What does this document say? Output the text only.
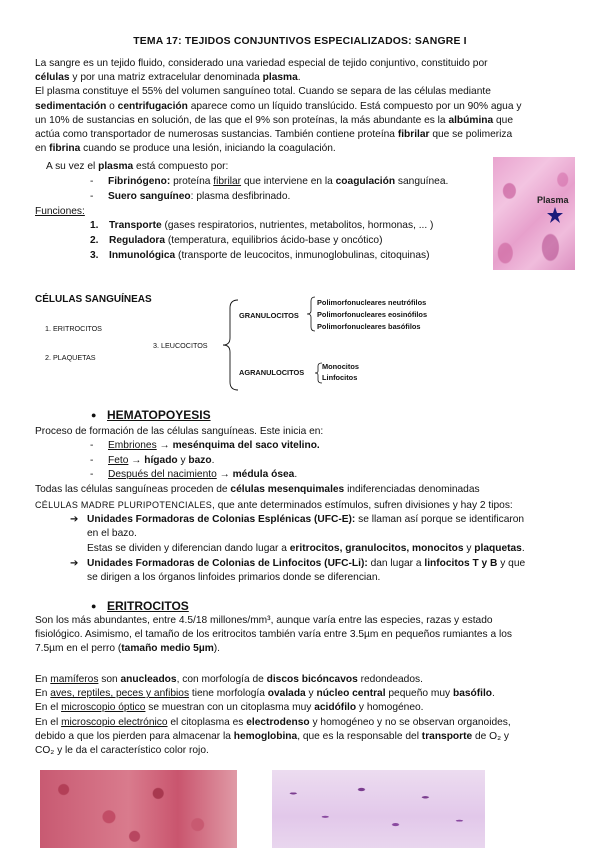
TEMA 17: TEJIDOS CONJUNTIVOS ESPECIALIZADOS: SANGRE I
La sangre es un tejido fluido, considerado una variedad especial de tejido conjuntivo, constituido por
células y por una matriz extracelular denominada plasma.
El plasma constituye el 55% del volumen sanguíneo total. Cuando se separa de las células mediante
sedimentación o centrifugación aparece como un líquido translúcido. Está compuesto por un 90% agua y
un 10% de sustancias en solución, de las que el 9% son proteínas, la más abundante es la albúmina que
actúa como transportador de numerosas sustancias. También contiene proteína fibrilar que se polimeriza
en fibrina cuando se produce una lesión, iniciando la coagulación.
A su vez el plasma está compuesto por:
- Fibrinógeno: proteína fibrilar que interviene en la coagulación sanguínea.
- Suero sanguíneo: plasma desfibrinado.
Funciones:
1. Transporte (gases respiratorios, nutrientes, metabolitos, hormonas, ... )
2. Reguladora (temperatura, equilibrios ácido-base y oncótico)
3. Inmunológica (transporte de leucocitos, inmunoglobulinas, citoquinas)
Plasma
CÉLULAS SANGUÍNEAS
1. ERITROCITOS
2. PLAQUETAS
3. LEUCOCITOS
GRANULOCITOS
Polimorfonucleares neutrófilos
Polimorfonucleares eosinófilos
Polimorfonucleares basófilos
AGRANULOCITOS
Monocitos
Linfocitos
● HEMATOPOYESIS
Proceso de formación de las células sanguíneas. Este inicia en:
- Embriones → mesénquima del saco vitelino.
- Feto → hígado y bazo.
- Después del nacimiento → médula ósea.
Todas las células sanguíneas proceden de células mesenquimales indiferenciadas denominadas
CÉLULAS MADRE PLURIPOTENCIALES, que ante determinados estímulos, sufren divisiones y hay 2 tipos:
➔ Unidades Formadoras de Colonias Esplénicas (UFC-E): se llaman así porque se identificaron
en el bazo.
Estas se dividen y diferencian dando lugar a eritrocitos, granulocitos, monocitos y plaquetas.
➔ Unidades Formadoras de Colonias de Linfocitos (UFC-Li): dan lugar a linfocitos T y B y que
se dirigen a los órganos linfoides primarios donde se diferencian.
● ERITROCITOS
Son los más abundantes, entre 4.5/18 millones/mm³, aunque varía entre las especies, razas y estado
fisiológico. Asimismo, el tamaño de los eritrocitos también varía entre 3.5µm en pequeños rumiantes a los
7.5µm en el perro (tamaño medio 5µm).
En mamíferos son anucleados, con morfología de discos bicóncavos redondeados.
En aves, reptiles, peces y anfibios tiene morfología ovalada y núcleo central pequeño muy basófilo.
En el microscopio óptico se muestran con un citoplasma muy acidófilo y homogéneo.
En el microscopio electrónico el citoplasma es electrodenso y homogéneo y no se observan organoides,
debido a que los pierden para almacenar la hemoglobina, que es la responsable del transporte de O₂ y
CO₂ y le da el característico color rojo.
